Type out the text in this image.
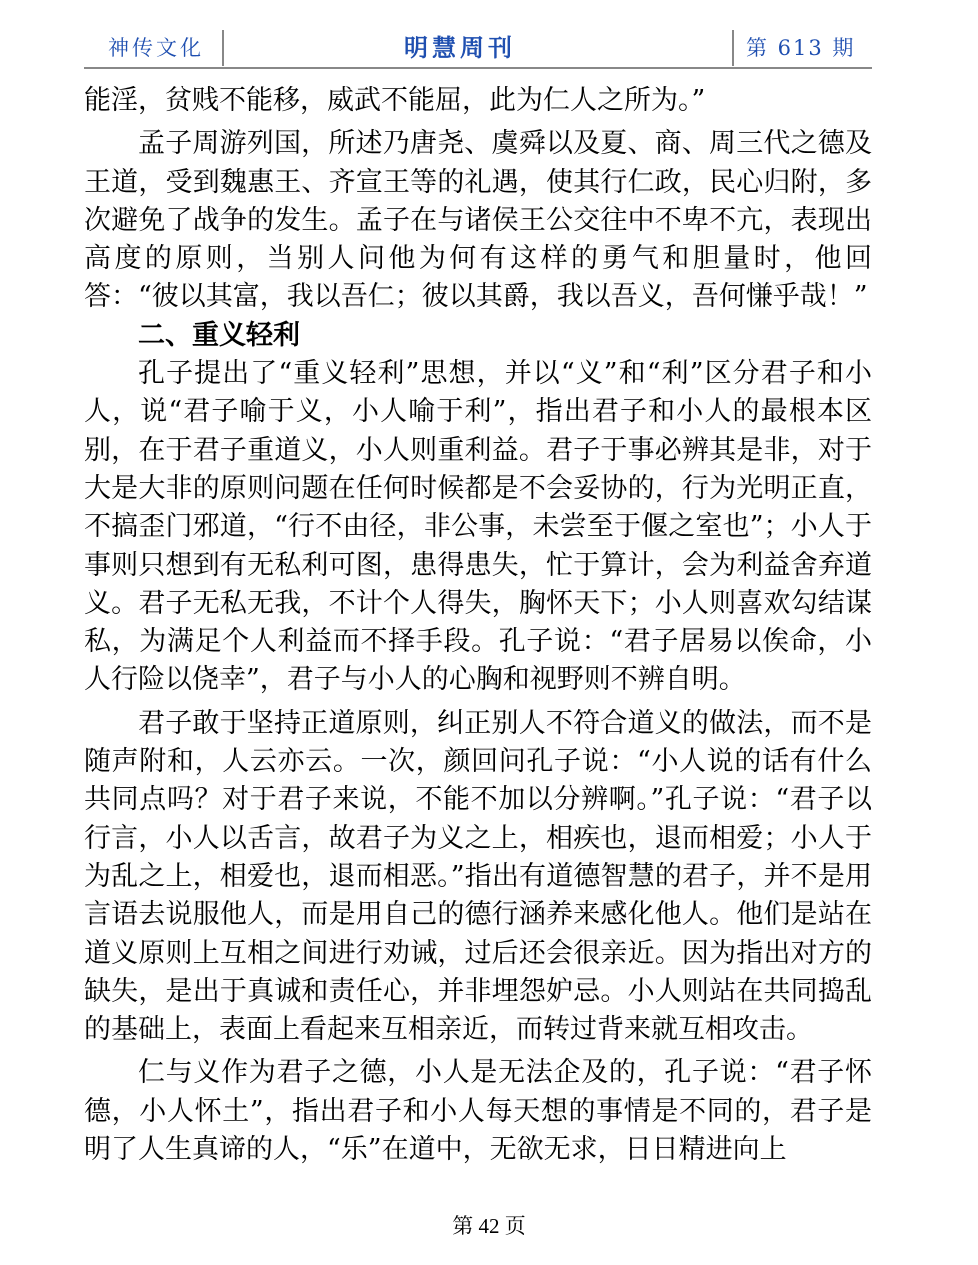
神传文化	明慧周刊	第 613 期

能淫，贫贱不能移，威武不能屈，此为仁人之所为。”

孟子周游列国，所述乃唐尧、虞舜以及夏、商、周三代之德及王道，受到魏惠王、齐宣王等的礼遇，使其行仁政，民心归附，多次避免了战争的发生。孟子在与诸侯王公交往中不卑不亢，表现出高度的原则，当别人问他为何有这样的勇气和胆量时，他回答：“彼以其富，我以吾仁；彼以其爵，我以吾义，吾何慊乎哉！”

二、重义轻利

孔子提出了“重义轻利”思想，并以“义”和“利”区分君子和小人，说“君子喻于义，小人喻于利”，指出君子和小人的最根本区别，在于君子重道义，小人则重利益。君子于事必辨其是非，对于大是大非的原则问题在任何时候都是不会妥协的，行为光明正直，不搞歪门邪道，“行不由径，非公事，未尝至于偃之室也”；小人于事则只想到有无私利可图，患得患失，忙于算计，会为利益舍弃道义。君子无私无我，不计个人得失，胸怀天下；小人则喜欢勾结谋私，为满足个人利益而不择手段。孔子说：“君子居易以俟命，小人行险以侥幸”，君子与小人的心胸和视野则不辨自明。

君子敢于坚持正道原则，纠正别人不符合道义的做法，而不是随声附和，人云亦云。一次，颜回问孔子说：“小人说的话有什么共同点吗？对于君子来说，不能不加以分辨啊。”孔子说：“君子以行言，小人以舌言，故君子为义之上，相疾也，退而相爱；小人于为乱之上，相爱也，退而相恶。”指出有道德智慧的君子，并不是用言语去说服他人，而是用自己的德行涵养来感化他人。他们是站在道义原则上互相之间进行劝诫，过后还会很亲近。因为指出对方的缺失，是出于真诚和责任心，并非埋怨妒忌。小人则站在共同捣乱的基础上，表面上看起来互相亲近，而转过背来就互相攻击。

仁与义作为君子之德，小人是无法企及的，孔子说：“君子怀德，小人怀土”，指出君子和小人每天想的事情是不同的，君子是明了人生真谛的人，“乐”在道中，无欲无求，日日精进向上

第 42 页
